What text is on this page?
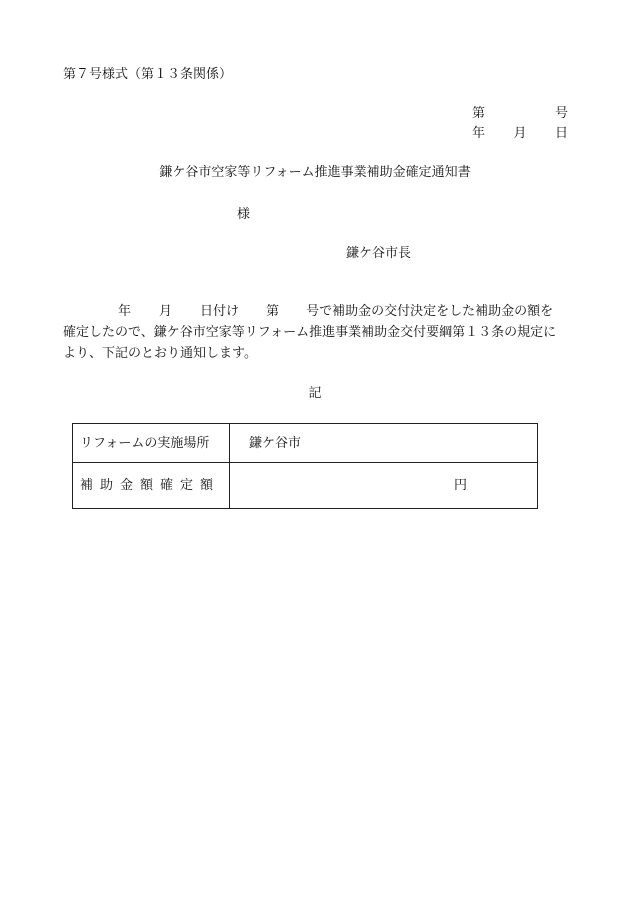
第７号様式（第１３条関係）
第	号
年 月 日
鎌ケ谷市空家等リフォーム推進事業補助金確定通知書
様
鎌ケ谷市長
年 月 日付け 第 号で補助金の交付決定をした補助金の額を
確定したので、鎌ケ谷市空家等リフォーム推進事業補助金交付要綱第１３条の規定に
より、下記のとおり通知します。
記
リフォームの実施場所	鎌ケ谷市
補助金額確定額	円
